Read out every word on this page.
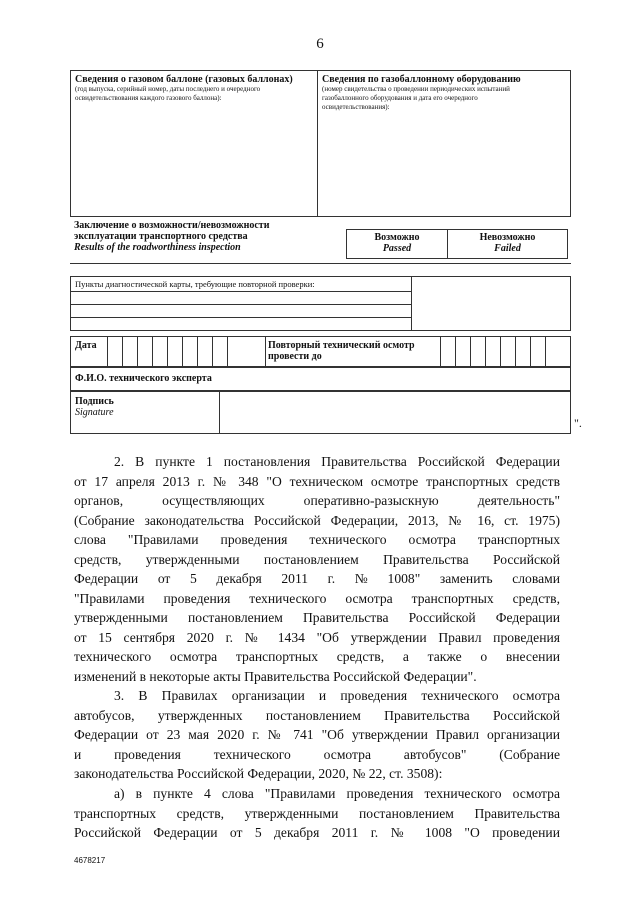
6
Сведения о газовом баллоне (газовых баллонах)
(год выпуска, серийный номер, даты последнего и очередного
освидетельствования каждого газового баллона):
Сведения по газобаллонному оборудованию
(номер свидетельства о проведении периодических испытаний
газобаллонного оборудования и дата его очередного
освидетельствования):
Заключение о возможности/невозможности
эксплуатации транспортного средства
Results of the roadworthiness inspection
Возможно
Passed
Невозможно
Failed
Пункты диагностической карты, требующие повторной проверки:
Дата	Повторный технический осмотр
провести до
Ф.И.О. технического эксперта
Подпись
Signature
".
2. В пункте 1 постановления Правительства Российской Федерации
от 17 апреля 2013 г. № 348 "О техническом осмотре транспортных средств
органов, осуществляющих оперативно-разыскную деятельность"
(Собрание законодательства Российской Федерации, 2013, № 16, ст. 1975)
слова "Правилами проведения технического осмотра транспортных
средств, утвержденными постановлением Правительства Российской
Федерации от 5 декабря 2011 г. № 1008" заменить словами
"Правилами проведения технического осмотра транспортных средств,
утвержденными постановлением Правительства Российской Федерации
от 15 сентября 2020 г. № 1434 "Об утверждении Правил проведения
технического осмотра транспортных средств, а также о внесении
изменений в некоторые акты Правительства Российской Федерации".
3. В Правилах организации и проведения технического осмотра
автобусов, утвержденных постановлением Правительства Российской
Федерации от 23 мая 2020 г. № 741 "Об утверждении Правил организации
и проведения технического осмотра автобусов" (Собрание
законодательства Российской Федерации, 2020, № 22, ст. 3508):
а) в пункте 4 слова "Правилами проведения технического осмотра
транспортных средств, утвержденными постановлением Правительства
Российской Федерации от 5 декабря 2011 г. № 1008 "О проведении
4678217
